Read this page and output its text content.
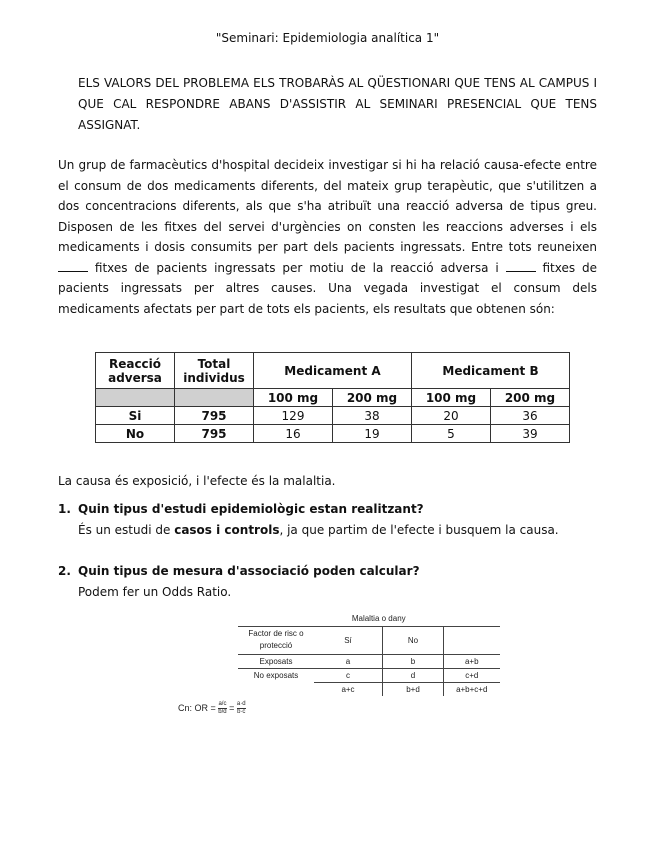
"Seminari: Epidemiologia analítica 1"
ELS VALORS DEL PROBLEMA ELS TROBARÀS AL QÜESTIONARI QUE TENS AL CAMPUS I QUE CAL RESPONDRE ABANS D'ASSISTIR AL SEMINARI PRESENCIAL QUE TENS ASSIGNAT.
Un grup de farmacèutics d'hospital decideix investigar si hi ha relació causa-efecte entre el consum de dos medicaments diferents, del mateix grup terapèutic, que s'utilitzen a dos concentracions diferents, als que s'ha atribuït una reacció adversa de tipus greu. Disposen de les fitxes del servei d'urgències on consten les reaccions adverses i els medicaments i dosis consumits per part dels pacients ingressats. Entre tots reuneixen  fitxes de pacients ingressats per motiu de la reacció adversa i	fitxes de pacients ingressats per altres causes. Una vegada investigat el consum dels medicaments afectats per part de tots els pacients, els resultats que obtenen són:
Reacció adversa	Total individus	Medicament A		Medicament B	
		100 mg	200 mg	100 mg	200 mg
Si	795	129	38	20	36
No	795	16	19	5	39
La causa és exposició, i l'efecte és la malaltia.
1. Quin tipus d'estudi epidemiològic estan realitzant?
És un estudi de casos i controls, ja que partim de l'efecte i busquem la causa.
2. Quin tipus de mesura d'associació poden calcular?
Podem fer un Odds Ratio.
	Malaltia o dany		
Factor de risc o protecció	Sí	No	
Exposats	a	b	a+b
No exposats	c	d	c+d
	a+c	b+d	a+b+c+d
Cn: OR = $\frac{a/c}{b/d} = \frac{a\cdot d}{b\cdot c}$
